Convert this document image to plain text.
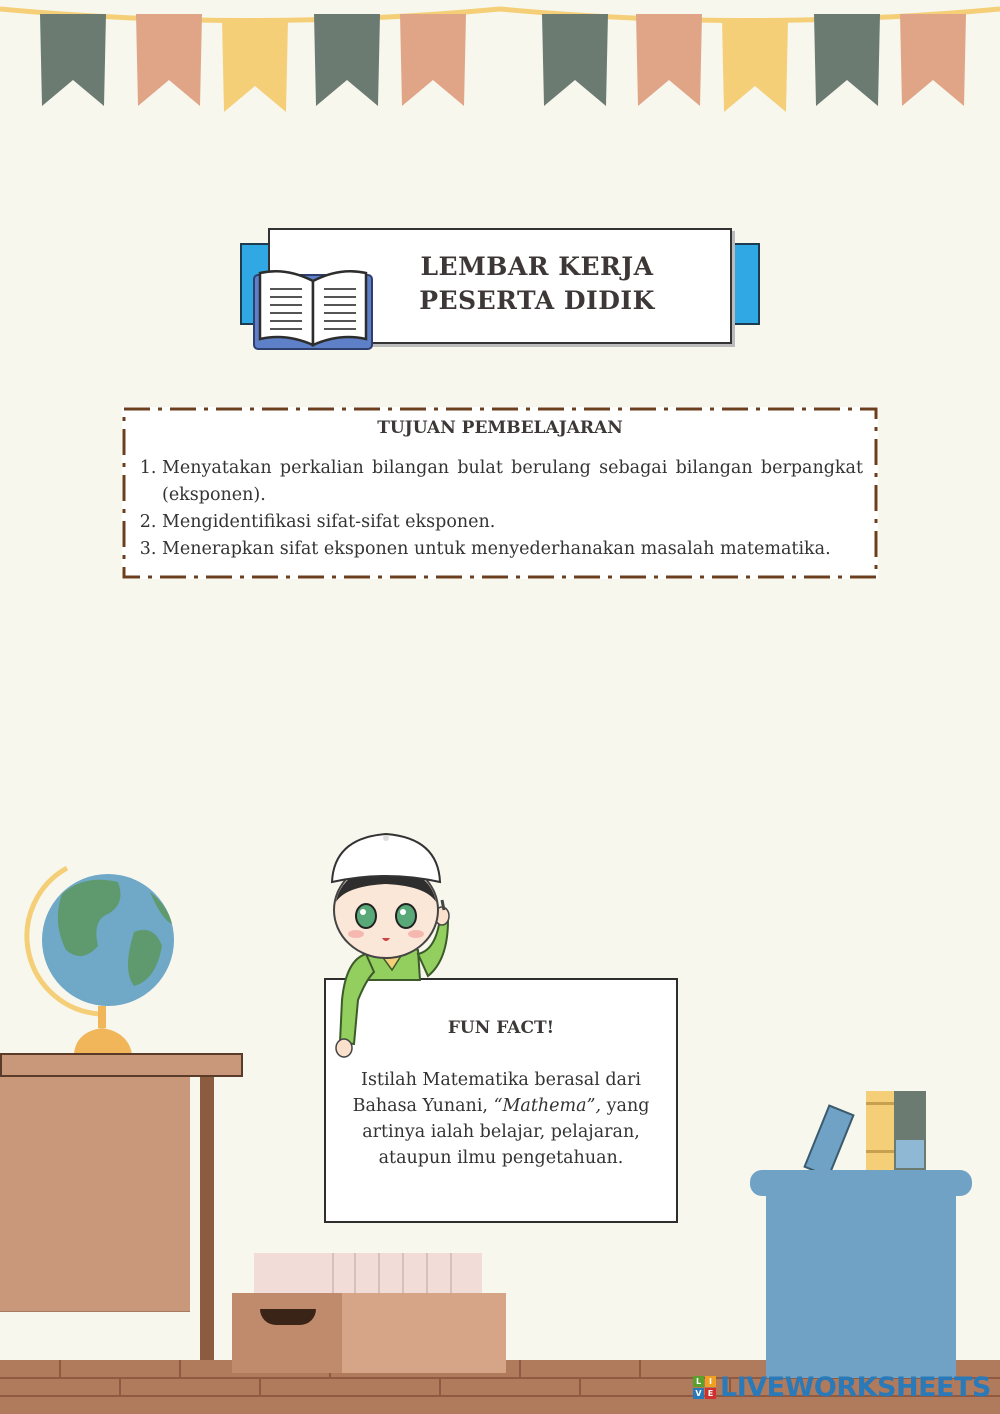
LEMBAR KERJA
PESERTA DIDIK
TUJUAN PEMBELAJARAN
1. Menyatakan perkalian bilangan bulat berulang sebagai bilangan berpangkat (eksponen).
2. Mengidentifikasi sifat-sifat eksponen.
3. Menerapkan sifat eksponen untuk menyederhanakan masalah matematika.
FUN FACT!
Istilah Matematika berasal dari Bahasa Yunani, “Mathema”, yang artinya ialah belajar, pelajaran, ataupun ilmu pengetahuan.
L I
V E LIVEWORKSHEETS
